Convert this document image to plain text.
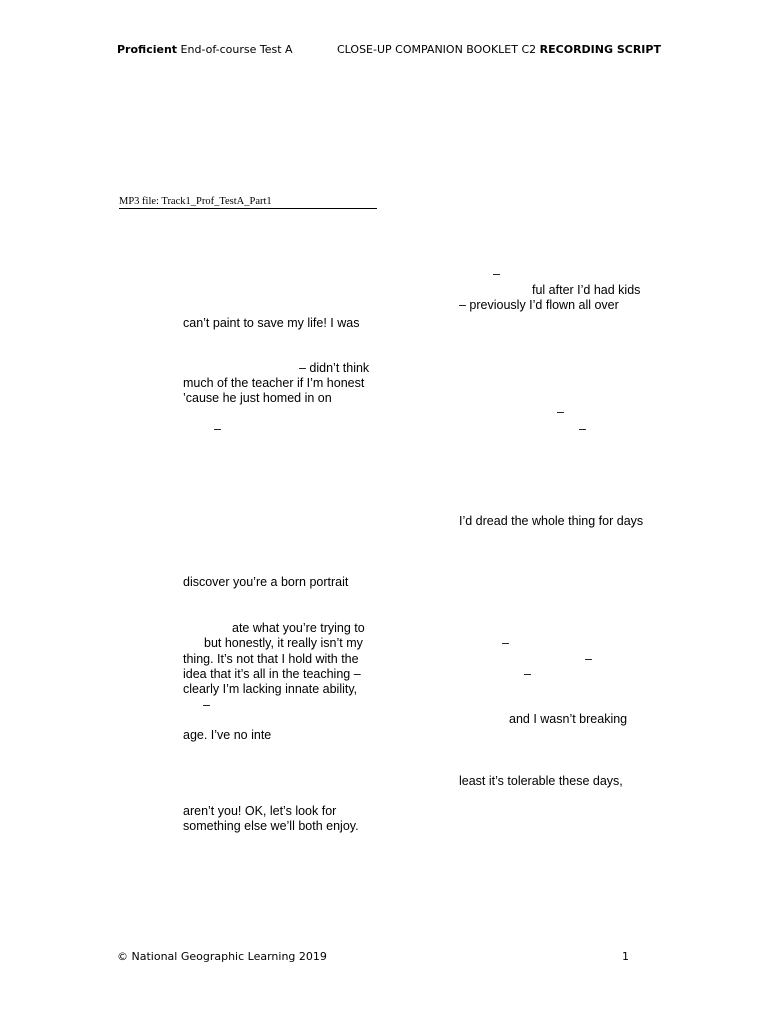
Proficient End-of-course Test A	CLOSE-UP COMPANION BOOKLET C2 RECORDING SCRIPT
MP3 file: Track1_Prof_TestA_Part1
can’t paint to save my life! I was
– didn’t think
much of the teacher if I’m honest
’cause he just homed in on
–
discover you’re a born portrait
ate what you’re trying to
but honestly, it really isn’t my
thing. It’s not that I hold with the
idea that it’s all in the teaching –
clearly I’m lacking innate ability,
–
age. I’ve no inte
aren’t you! OK, let’s look for
something else we’ll both enjoy.
–
ful after I’d had kids
– previously I’d flown all over
–
–
I’d dread the whole thing for days
–
–
–
and I wasn’t breaking
least it’s tolerable these days,
© National Geographic Learning 2019	1
